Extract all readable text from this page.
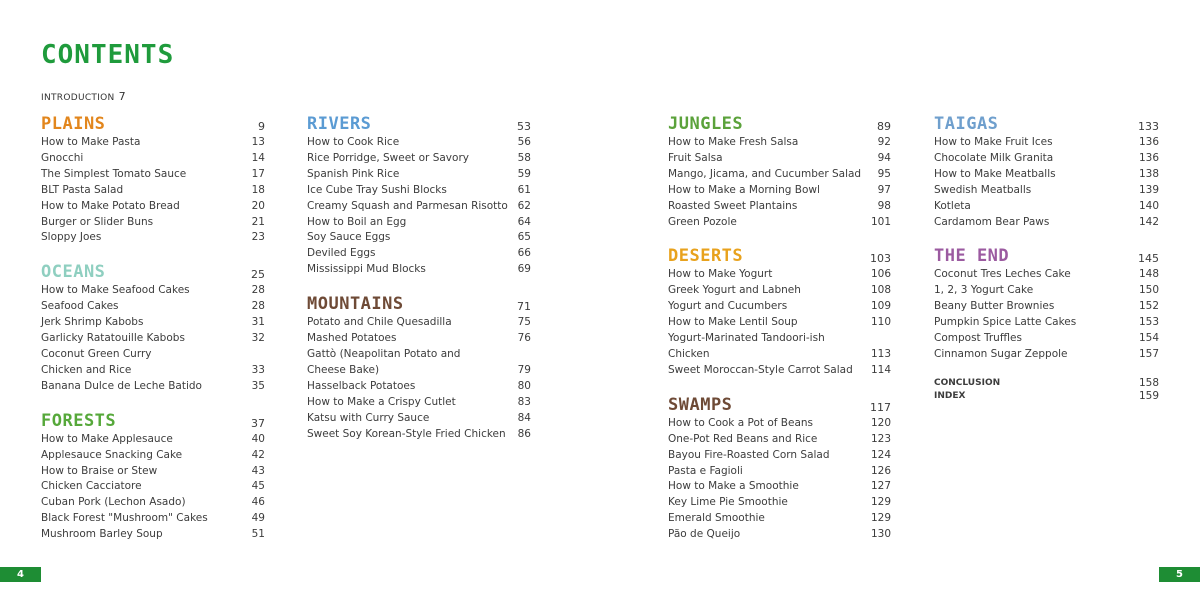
CONTENTS
INTRODUCTION 7
PLAINS	9
How to Make Pasta	13
Gnocchi	14
The Simplest Tomato Sauce	17
BLT Pasta Salad	18
How to Make Potato Bread	20
Burger or Slider Buns	21
Sloppy Joes	23
OCEANS	25
How to Make Seafood Cakes	28
Seafood Cakes	28
Jerk Shrimp Kabobs	31
Garlicky Ratatouille Kabobs	32
Coconut Green Curry
Chicken and Rice	33
Banana Dulce de Leche Batido	35
FORESTS	37
How to Make Applesauce	40
Applesauce Snacking Cake	42
How to Braise or Stew	43
Chicken Cacciatore	45
Cuban Pork (Lechon Asado)	46
Black Forest "Mushroom" Cakes	49
Mushroom Barley Soup	51
RIVERS	53
How to Cook Rice	56
Rice Porridge, Sweet or Savory	58
Spanish Pink Rice	59
Ice Cube Tray Sushi Blocks	61
Creamy Squash and Parmesan Risotto 62
How to Boil an Egg	64
Soy Sauce Eggs	65
Deviled Eggs	66
Mississippi Mud Blocks	69
MOUNTAINS	71
Potato and Chile Quesadilla	75
Mashed Potatoes	76
Gattò (Neapolitan Potato and
Cheese Bake)	79
Hasselback Potatoes	80
How to Make a Crispy Cutlet	83
Katsu with Curry Sauce	84
Sweet Soy Korean-Style Fried Chicken	86
JUNGLES	89
How to Make Fresh Salsa	92
Fruit Salsa	94
Mango, Jicama, and Cucumber Salad	95
How to Make a Morning Bowl	97
Roasted Sweet Plantains	98
Green Pozole	101
DESERTS	103
How to Make Yogurt	106
Greek Yogurt and Labneh	108
Yogurt and Cucumbers	109
How to Make Lentil Soup	110
Yogurt-Marinated Tandoori-ish Chicken	113
Sweet Moroccan-Style Carrot Salad	114
SWAMPS	117
How to Cook a Pot of Beans	120
One-Pot Red Beans and Rice	123
Bayou Fire-Roasted Corn Salad	124
Pasta e Fagioli	126
How to Make a Smoothie	127
Key Lime Pie Smoothie	129
Emerald Smoothie	129
Pão de Queijo	130
TAIGAS	133
How to Make Fruit Ices	136
Chocolate Milk Granita	136
How to Make Meatballs	138
Swedish Meatballs	139
Kotleta	140
Cardamom Bear Paws	142
THE END	145
Coconut Tres Leches Cake	148
1, 2, 3 Yogurt Cake	150
Beany Butter Brownies	152
Pumpkin Spice Latte Cakes	153
Compost Truffles	154
Cinnamon Sugar Zeppole	157
CONCLUSION	158
INDEX	159
4	5
